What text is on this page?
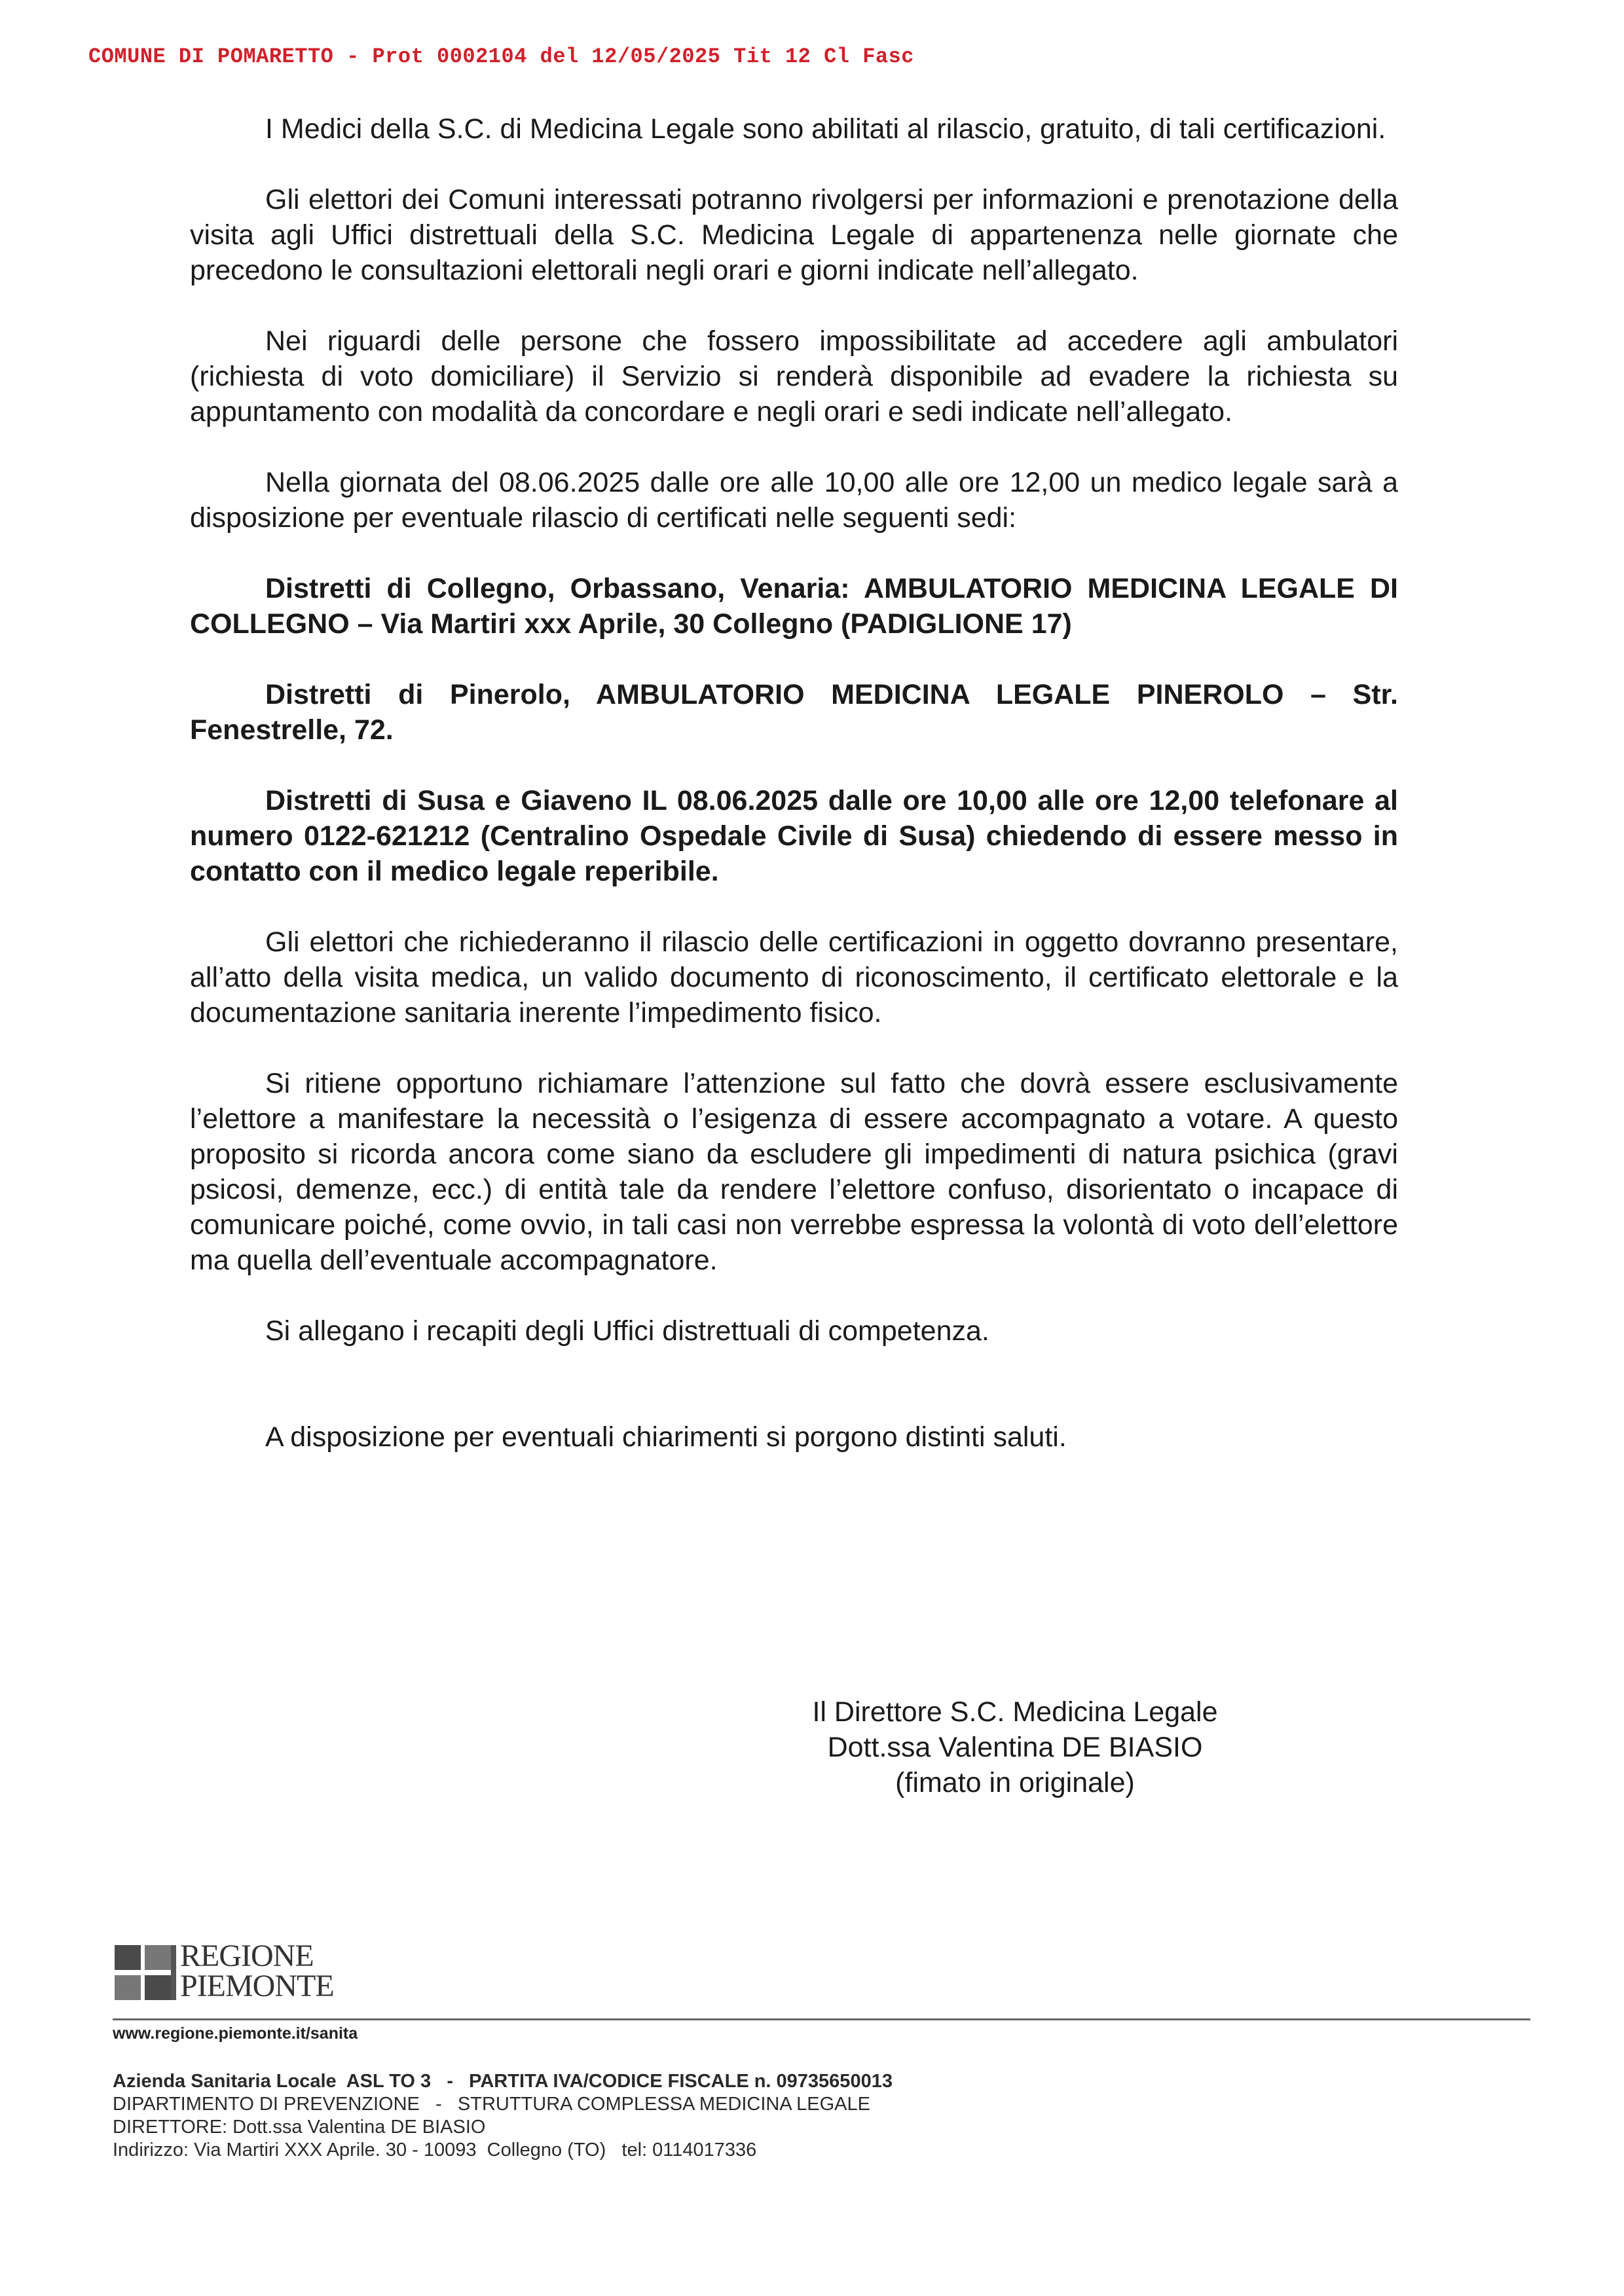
COMUNE DI POMARETTO - Prot 0002104 del 12/05/2025 Tit 12 Cl Fasc

I Medici della S.C. di Medicina Legale sono abilitati al rilascio, gratuito, di tali certificazioni.

Gli elettori dei Comuni interessati potranno rivolgersi per informazioni e prenotazione della visita agli Uffici distrettuali della S.C. Medicina Legale di appartenenza nelle giornate che precedono le consultazioni elettorali negli orari e giorni indicate nell’allegato.

Nei riguardi delle persone che fossero impossibilitate ad accedere agli ambulatori (richiesta di voto domiciliare) il Servizio si renderà disponibile ad evadere la richiesta su appuntamento con modalità da concordare e negli orari e sedi indicate nell’allegato.

Nella giornata del 08.06.2025 dalle ore alle 10,00 alle ore 12,00 un medico legale sarà a disposizione per eventuale rilascio di certificati nelle seguenti sedi:

Distretti di Collegno, Orbassano, Venaria: AMBULATORIO MEDICINA LEGALE DI COLLEGNO – Via Martiri xxx Aprile, 30 Collegno (PADIGLIONE 17)

Distretti di Pinerolo, AMBULATORIO MEDICINA LEGALE PINEROLO – Str. Fenestrelle, 72.

Distretti di Susa e Giaveno IL 08.06.2025 dalle ore 10,00 alle ore 12,00 telefonare al numero 0122-621212 (Centralino Ospedale Civile di Susa) chiedendo di essere messo in contatto con il medico legale reperibile.

Gli elettori che richiederanno il rilascio delle certificazioni in oggetto dovranno presentare, all’atto della visita medica, un valido documento di riconoscimento, il certificato elettorale e la documentazione sanitaria inerente l’impedimento fisico.

Si ritiene opportuno richiamare l’attenzione sul fatto che dovrà essere esclusivamente l’elettore a manifestare la necessità o l’esigenza di essere accompagnato a votare. A questo proposito si ricorda ancora come siano da escludere gli impedimenti di natura psichica (gravi psicosi, demenze, ecc.) di entità tale da rendere l’elettore confuso, disorientato o incapace di comunicare poiché, come ovvio, in tali casi non verrebbe espressa la volontà di voto dell’elettore ma quella dell’eventuale accompagnatore.

Si allegano i recapiti degli Uffici distrettuali di competenza.

A disposizione per eventuali chiarimenti si porgono distinti saluti.

Il Direttore S.C. Medicina Legale
Dott.ssa Valentina DE BIASIO
(fimato in originale)
REGIONE
PIEMONTE
www.regione.piemonte.it/sanita
Azienda Sanitaria Locale  ASL TO 3   -   PARTITA IVA/CODICE FISCALE n. 09735650013
DIPARTIMENTO DI PREVENZIONE   -   STRUTTURA COMPLESSA MEDICINA LEGALE
DIRETTORE: Dott.ssa Valentina DE BIASIO
Indirizzo: Via Martiri XXX Aprile. 30 - 10093  Collegno (TO)   tel: 0114017336
